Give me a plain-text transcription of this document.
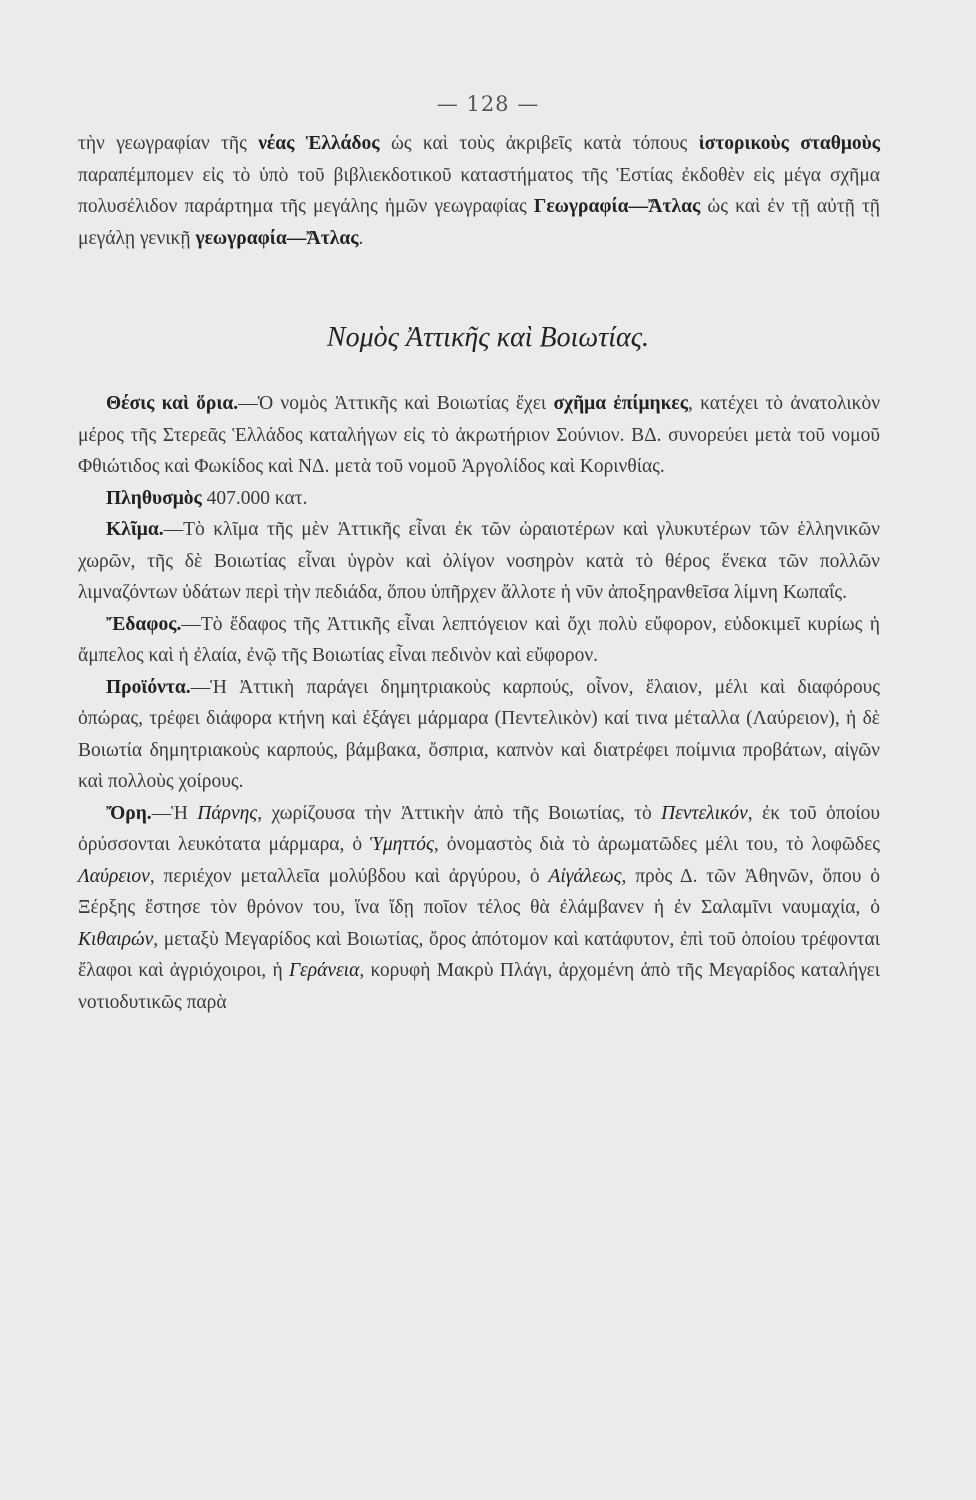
— 128 —

τὴν γεωγραφίαν τῆς νέας Ἑλλάδος ὡς καὶ τοὺς ἀκριβεῖς κατὰ τόπους ἱστορικοὺς σταθμοὺς παραπέμπομεν εἰς τὸ ὑπὸ τοῦ βιβλιεκδοτικοῦ καταστήματος τῆς Ἑστίας ἐκδοθὲν εἰς μέγα σχῆμα πολυσέλιδον παράρτημα τῆς μεγάλης ἡμῶν γεωγραφίας Γεωγραφία—Ἄτλας ὡς καὶ ἐν τῇ αὐτῇ τῇ μεγάλῃ γενικῇ γεωγραφία—Ἄτλας.

Νομὸς Ἀττικῆς καὶ Βοιωτίας.

Θέσις καὶ ὅρια.—Ὁ νομὸς Ἀττικῆς καὶ Βοιωτίας ἔχει σχῆμα ἐπίμηκες, κατέχει τὸ ἀνατολικὸν μέρος τῆς Στερεᾶς Ἑλλάδος καταλήγων εἰς τὸ ἀκρωτήριον Σούνιον. ΒΔ. συνορεύει μετὰ τοῦ νομοῦ Φθιώτιδος καὶ Φωκίδος καὶ ΝΔ. μετὰ τοῦ νομοῦ Ἀργολίδος καὶ Κορινθίας.

Πληθυσμὸς 407.000 κατ.

Κλῖμα.—Τὸ κλῖμα τῆς μὲν Ἀττικῆς εἶναι ἐκ τῶν ὡραιοτέρων καὶ γλυκυτέρων τῶν ἑλληνικῶν χωρῶν, τῆς δὲ Βοιωτίας εἶναι ὑγρὸν καὶ ὀλίγον νοσηρὸν κατὰ τὸ θέρος ἕνεκα τῶν πολλῶν λιμναζόντων ὑδάτων περὶ τὴν πεδιάδα, ὅπου ὑπῆρχεν ἄλλοτε ἡ νῦν ἀποξηρανθεῖσα λίμνη Κωπαΐς.

Ἔδαφος.—Τὸ ἔδαφος τῆς Ἀττικῆς εἶναι λεπτόγειον καὶ ὄχι πολὺ εὔφορον, εὐδοκιμεῖ κυρίως ἡ ἄμπελος καὶ ἡ ἐλαία, ἐνῷ τῆς Βοιωτίας εἶναι πεδινὸν καὶ εὔφορον.

Προϊόντα.—Ἡ Ἀττικὴ παράγει δημητριακοὺς καρπούς, οἶνον, ἔλαιον, μέλι καὶ διαφόρους ὀπώρας, τρέφει διάφορα κτήνη καὶ ἐξάγει μάρμαρα (Πεντελικὸν) καί τινα μέταλλα (Λαύρειον), ἡ δὲ Βοιωτία δημητριακοὺς καρπούς, βάμβακα, ὄσπρια, καπνὸν καὶ διατρέφει ποίμνια προβάτων, αἰγῶν καὶ πολλοὺς χοίρους.

Ὄρη.—Ἡ Πάρνης, χωρίζουσα τὴν Ἀττικὴν ἀπὸ τῆς Βοιωτίας, τὸ Πεντελικόν, ἐκ τοῦ ὁποίου ὀρύσσονται λευκότατα μάρμαρα, ὁ Ὑμηττός, ὀνομαστὸς διὰ τὸ ἀρωματῶδες μέλι του, τὸ λοφῶδες Λαύρειον, περιέχον μεταλλεῖα μολύβδου καὶ ἀργύρου, ὁ Αἰγάλεως, πρὸς Δ. τῶν Ἀθηνῶν, ὅπου ὁ Ξέρξης ἔστησε τὸν θρόνον του, ἵνα ἴδῃ ποῖον τέλος θὰ ἐλάμβανεν ἡ ἐν Σαλαμῖνι ναυμαχία, ὁ Κιθαιρών, μεταξὺ Μεγαρίδος καὶ Βοιωτίας, ὄρος ἀπότομον καὶ κατάφυτον, ἐπὶ τοῦ ὁποίου τρέφονται ἔλαφοι καὶ ἀγριόχοιροι, ἡ Γεράνεια, κορυφὴ Μακρὺ Πλάγι, ἀρχομένη ἀπὸ τῆς Μεγαρίδος καταλήγει νοτιοδυτικῶς παρὰ
